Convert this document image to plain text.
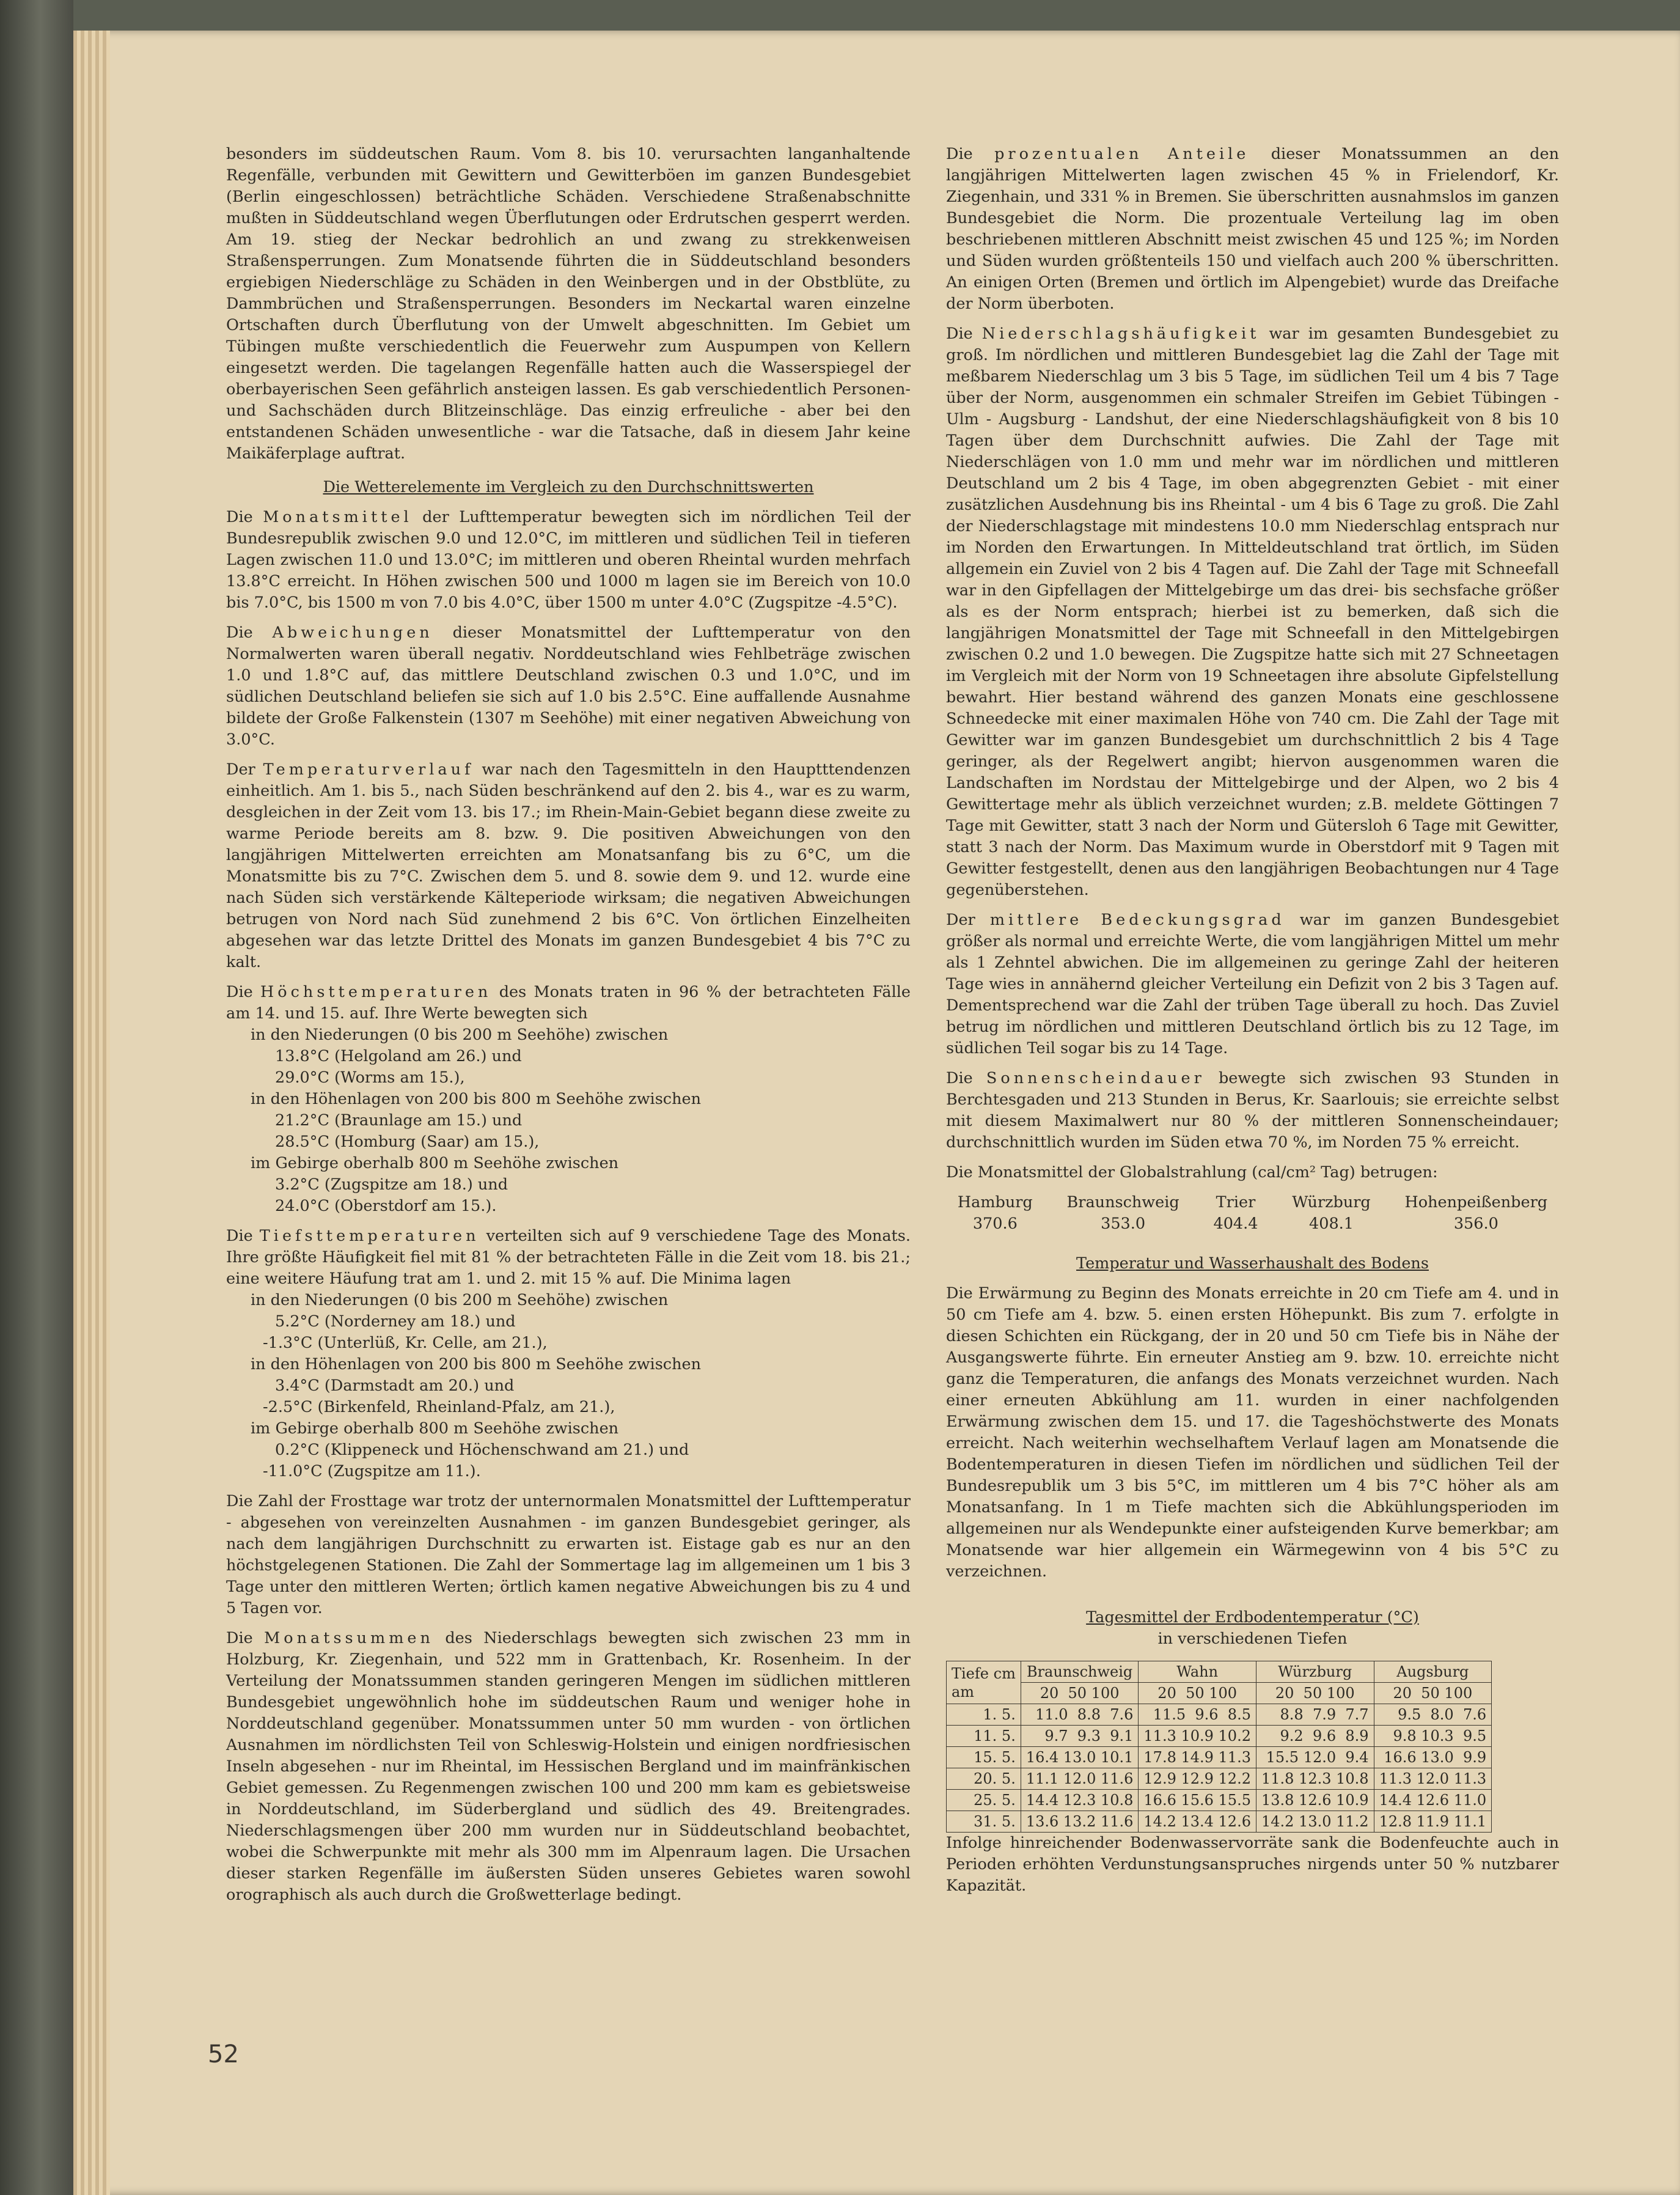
besonders im süddeutschen Raum. Vom 8. bis 10. verursachten langanhaltende Regenfälle, verbunden mit Gewittern und Gewitterböen im ganzen Bundesgebiet (Berlin eingeschlossen) beträchtliche Schäden. Verschiedene Straßenabschnitte mußten in Süddeutschland wegen Überflutungen oder Erdrutschen gesperrt werden. Am 19. stieg der Neckar bedrohlich an und zwang zu strekkenweisen Straßensperrungen. Zum Monatsende führten die in Süddeutschland besonders ergiebigen Niederschläge zu Schäden in den Weinbergen und in der Obstblüte, zu Dammbrüchen und Straßensperrungen. Besonders im Neckartal waren einzelne Ortschaften durch Überflutung von der Umwelt abgeschnitten. Im Gebiet um Tübingen mußte verschiedentlich die Feuerwehr zum Auspumpen von Kellern eingesetzt werden. Die tagelangen Regenfälle hatten auch die Wasserspiegel der oberbayerischen Seen gefährlich ansteigen lassen. Es gab verschiedentlich Personen- und Sachschäden durch Blitzeinschläge. Das einzig erfreuliche - aber bei den entstandenen Schäden unwesentliche - war die Tatsache, daß in diesem Jahr keine Maikäferplage auftrat.

Die Wetterelemente im Vergleich zu den Durchschnittswerten

Die Monatsmittel der Lufttemperatur bewegten sich im nördlichen Teil der Bundesrepublik zwischen 9.0 und 12.0°C, im mittleren und südlichen Teil in tieferen Lagen zwischen 11.0 und 13.0°C; im mittleren und oberen Rheintal wurden mehrfach 13.8°C erreicht. In Höhen zwischen 500 und 1000 m lagen sie im Bereich von 10.0 bis 7.0°C, bis 1500 m von 7.0 bis 4.0°C, über 1500 m unter 4.0°C (Zugspitze -4.5°C).

Die Abweichungen dieser Monatsmittel der Lufttemperatur von den Normalwerten waren überall negativ. Norddeutschland wies Fehlbeträge zwischen 1.0 und 1.8°C auf, das mittlere Deutschland zwischen 0.3 und 1.0°C, und im südlichen Deutschland beliefen sie sich auf 1.0 bis 2.5°C. Eine auffallende Ausnahme bildete der Große Falkenstein (1307 m Seehöhe) mit einer negativen Abweichung von 3.0°C.

Der Temperaturverlauf war nach den Tagesmitteln in den Hauptttendenzen einheitlich. Am 1. bis 5., nach Süden beschränkend auf den 2. bis 4., war es zu warm, desgleichen in der Zeit vom 13. bis 17.; im Rhein-Main-Gebiet begann diese zweite zu warme Periode bereits am 8. bzw. 9. Die positiven Abweichungen von den langjährigen Mittelwerten erreichten am Monatsanfang bis zu 6°C, um die Monatsmitte bis zu 7°C. Zwischen dem 5. und 8. sowie dem 9. und 12. wurde eine nach Süden sich verstärkende Kälteperiode wirksam; die negativen Abweichungen betrugen von Nord nach Süd zunehmend 2 bis 6°C. Von örtlichen Einzelheiten abgesehen war das letzte Drittel des Monats im ganzen Bundesgebiet 4 bis 7°C zu kalt.

Die Höchsttemperaturen des Monats traten in 96 % der betrachteten Fälle am 14. und 15. auf. Ihre Werte bewegten sich
in den Niederungen (0 bis 200 m Seehöhe) zwischen
13.8°C (Helgoland am 26.) und
29.0°C (Worms am 15.),
in den Höhenlagen von 200 bis 800 m Seehöhe zwischen
21.2°C (Braunlage am 15.) und
28.5°C (Homburg (Saar) am 15.),
im Gebirge oberhalb 800 m Seehöhe zwischen
3.2°C (Zugspitze am 18.) und
24.0°C (Oberstdorf am 15.).

Die Tiefsttemperaturen verteilten sich auf 9 verschiedene Tage des Monats. Ihre größte Häufigkeit fiel mit 81 % der betrachteten Fälle in die Zeit vom 18. bis 21.; eine weitere Häufung trat am 1. und 2. mit 15 % auf. Die Minima lagen
in den Niederungen (0 bis 200 m Seehöhe) zwischen
5.2°C (Norderney am 18.) und
-1.3°C (Unterlüß, Kr. Celle, am 21.),
in den Höhenlagen von 200 bis 800 m Seehöhe zwischen
3.4°C (Darmstadt am 20.) und
-2.5°C (Birkenfeld, Rheinland-Pfalz, am 21.),
im Gebirge oberhalb 800 m Seehöhe zwischen
0.2°C (Klippeneck und Höchenschwand am 21.) und
-11.0°C (Zugspitze am 11.).

Die Zahl der Frosttage war trotz der unternormalen Monatsmittel der Lufttemperatur - abgesehen von vereinzelten Ausnahmen - im ganzen Bundesgebiet geringer, als nach dem langjährigen Durchschnitt zu erwarten ist. Eistage gab es nur an den höchstgelegenen Stationen. Die Zahl der Sommertage lag im allgemeinen um 1 bis 3 Tage unter den mittleren Werten; örtlich kamen negative Abweichungen bis zu 4 und 5 Tagen vor.

Die Monatssummen des Niederschlags bewegten sich zwischen 23 mm in Holzburg, Kr. Ziegenhain, und 522 mm in Grattenbach, Kr. Rosenheim. In der Verteilung der Monatssummen standen geringeren Mengen im südlichen mittleren Bundesgebiet ungewöhnlich hohe im süddeutschen Raum und weniger hohe in Norddeutschland gegenüber. Monatssummen unter 50 mm wurden - von örtlichen Ausnahmen im nördlichsten Teil von Schleswig-Holstein und einigen nordfriesischen Inseln abgesehen - nur im Rheintal, im Hessischen Bergland und im mainfränkischen Gebiet gemessen. Zu Regenmengen zwischen 100 und 200 mm kam es gebietsweise in Norddeutschland, im Süderbergland und südlich des 49. Breitengrades. Niederschlagsmengen über 200 mm wurden nur in Süddeutschland beobachtet, wobei die Schwerpunkte mit mehr als 300 mm im Alpenraum lagen. Die Ursachen dieser starken Regenfälle im äußersten Süden unseres Gebietes waren sowohl orographisch als auch durch die Großwetterlage bedingt.

Die prozentualen Anteile dieser Monatssummen an den langjährigen Mittelwerten lagen zwischen 45 % in Frielendorf, Kr. Ziegenhain, und 331 % in Bremen. Sie überschritten ausnahmslos im ganzen Bundesgebiet die Norm. Die prozentuale Verteilung lag im oben beschriebenen mittleren Abschnitt meist zwischen 45 und 125 %; im Norden und Süden wurden größtenteils 150 und vielfach auch 200 % überschritten. An einigen Orten (Bremen und örtlich im Alpengebiet) wurde das Dreifache der Norm überboten.

Die Niederschlagshäufigkeit war im gesamten Bundesgebiet zu groß. Im nördlichen und mittleren Bundesgebiet lag die Zahl der Tage mit meßbarem Niederschlag um 3 bis 5 Tage, im südlichen Teil um 4 bis 7 Tage über der Norm, ausgenommen ein schmaler Streifen im Gebiet Tübingen - Ulm - Augsburg - Landshut, der eine Niederschlagshäufigkeit von 8 bis 10 Tagen über dem Durchschnitt aufwies. Die Zahl der Tage mit Niederschlägen von 1.0 mm und mehr war im nördlichen und mittleren Deutschland um 2 bis 4 Tage, im oben abgegrenzten Gebiet - mit einer zusätzlichen Ausdehnung bis ins Rheintal - um 4 bis 6 Tage zu groß. Die Zahl der Niederschlagstage mit mindestens 10.0 mm Niederschlag entsprach nur im Norden den Erwartungen. In Mitteldeutschland trat örtlich, im Süden allgemein ein Zuviel von 2 bis 4 Tagen auf. Die Zahl der Tage mit Schneefall war in den Gipfellagen der Mittelgebirge um das drei- bis sechsfache größer als es der Norm entsprach; hierbei ist zu bemerken, daß sich die langjährigen Monatsmittel der Tage mit Schneefall in den Mittelgebirgen zwischen 0.2 und 1.0 bewegen. Die Zugspitze hatte sich mit 27 Schneetagen im Vergleich mit der Norm von 19 Schneetagen ihre absolute Gipfelstellung bewahrt. Hier bestand während des ganzen Monats eine geschlossene Schneedecke mit einer maximalen Höhe von 740 cm. Die Zahl der Tage mit Gewitter war im ganzen Bundesgebiet um durchschnittlich 2 bis 4 Tage geringer, als der Regelwert angibt; hiervon ausgenommen waren die Landschaften im Nordstau der Mittelgebirge und der Alpen, wo 2 bis 4 Gewittertage mehr als üblich verzeichnet wurden; z.B. meldete Göttingen 7 Tage mit Gewitter, statt 3 nach der Norm und Gütersloh 6 Tage mit Gewitter, statt 3 nach der Norm. Das Maximum wurde in Oberstdorf mit 9 Tagen mit Gewitter festgestellt, denen aus den langjährigen Beobachtungen nur 4 Tage gegenüberstehen.

Der mittlere Bedeckungsgrad war im ganzen Bundesgebiet größer als normal und erreichte Werte, die vom langjährigen Mittel um mehr als 1 Zehntel abwichen. Die im allgemeinen zu geringe Zahl der heiteren Tage wies in annähernd gleicher Verteilung ein Defizit von 2 bis 3 Tagen auf. Dementsprechend war die Zahl der trüben Tage überall zu hoch. Das Zuviel betrug im nördlichen und mittleren Deutschland örtlich bis zu 12 Tage, im südlichen Teil sogar bis zu 14 Tage.

Die Sonnenscheindauer bewegte sich zwischen 93 Stunden in Berchtesgaden und 213 Stunden in Berus, Kr. Saarlouis; sie erreichte selbst mit diesem Maximalwert nur 80 % der mittleren Sonnenscheindauer; durchschnittlich wurden im Süden etwa 70 %, im Norden 75 % erreicht.

Die Monatsmittel der Globalstrahlung (cal/cm² Tag) betrugen:

Hamburg	Braunschweig	Trier	Würzburg	Hohenpeißenberg
370.6	353.0	404.4	408.1	356.0
Temperatur und Wasserhaushalt des Bodens

Die Erwärmung zu Beginn des Monats erreichte in 20 cm Tiefe am 4. und in 50 cm Tiefe am 4. bzw. 5. einen ersten Höhepunkt. Bis zum 7. erfolgte in diesen Schichten ein Rückgang, der in 20 und 50 cm Tiefe bis in Nähe der Ausgangswerte führte. Ein erneuter Anstieg am 9. bzw. 10. erreichte nicht ganz die Temperaturen, die anfangs des Monats verzeichnet wurden. Nach einer erneuten Abkühlung am 11. wurden in einer nachfolgenden Erwärmung zwischen dem 15. und 17. die Tageshöchstwerte des Monats erreicht. Nach weiterhin wechselhaftem Verlauf lagen am Monatsende die Bodentemperaturen in diesen Tiefen im nördlichen und südlichen Teil der Bundesrepublik um 3 bis 5°C, im mittleren um 4 bis 7°C höher als am Monatsanfang. In 1 m Tiefe machten sich die Abkühlungsperioden im allgemeinen nur als Wendepunkte einer aufsteigenden Kurve bemerkbar; am Monatsende war hier allgemein ein Wärmegewinn von 4 bis 5°C zu verzeichnen.

Tagesmittel der Erdbodentemperatur (°C)
in verschiedenen Tiefen
Tiefe cm
am	Braunschweig	Wahn	Würzburg	Augsburg
	20  50 100	20  50 100	20  50 100	20  50 100
1. 5.	11.0  8.8  7.6	11.5  9.6  8.5	8.8  7.9  7.7	9.5  8.0  7.6
11. 5.	9.7  9.3  9.1	11.3 10.9 10.2	9.2  9.6  8.9	9.8 10.3  9.5
15. 5.	16.4 13.0 10.1	17.8 14.9 11.3	15.5 12.0  9.4	16.6 13.0  9.9
20. 5.	11.1 12.0 11.6	12.9 12.9 12.2	11.8 12.3 10.8	11.3 12.0 11.3
25. 5.	14.4 12.3 10.8	16.6 15.6 15.5	13.8 12.6 10.9	14.4 12.6 11.0
31. 5.	13.6 13.2 11.6	14.2 13.4 12.6	14.2 13.0 11.2	12.8 11.9 11.1

Infolge hinreichender Bodenwasservorräte sank die Bodenfeuchte auch in Perioden erhöhten Verdunstungsanspruches nirgends unter 50 % nutzbarer Kapazität.

52
